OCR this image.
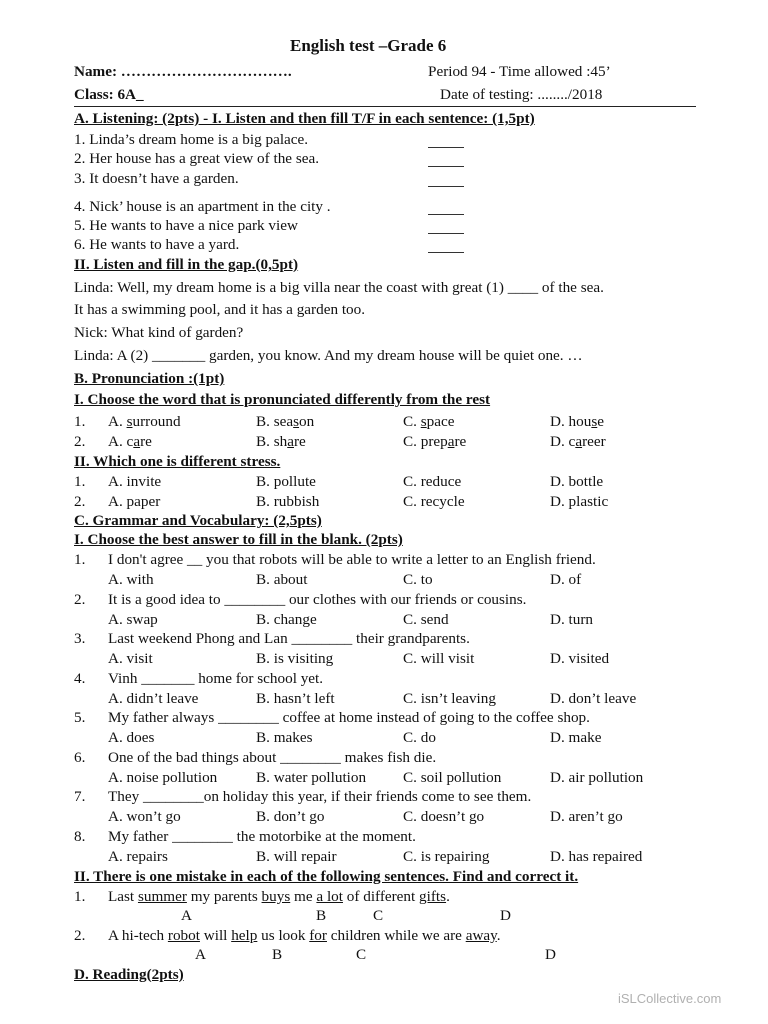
English test –Grade 6
Name: …………………………….	Period 94 - Time allowed :45’
Class: 6A_	Date of testing: ......../2018
A. Listening: (2pts) - I. Listen and then fill T/F in each sentence: (1,5pt)
1. Linda’s dream home is a big palace.
2. Her house has a great view of the sea.
3. It doesn’t have a garden.
4. Nick’ house is an apartment in the city .
5. He wants to have a nice park view
6. He wants to have a yard.
II. Listen and fill in the gap.(0,5pt)
Linda: Well, my dream home is a big villa near the coast with great (1) ____ of the sea.
It has a swimming pool, and it has a garden too.
Nick: What kind of garden?
Linda: A (2) _______ garden, you know. And my dream house will be quiet one. …
B. Pronunciation :(1pt)
I. Choose the word that is pronunciated differently from the rest
1. A. surround	B. season	C. space	D. house
2. A. care	B. share	C. prepare	D. career
II. Which one is different stress.
1. A. invite	B. pollute	C. reduce	D. bottle
2. A. paper	B. rubbish	C. recycle	D. plastic
C. Grammar and Vocabulary: (2,5pts)
I. Choose the best answer to fill in the blank. (2pts)
1. I don't agree __ you that robots will be able to write a letter to an English friend.
A. with	B. about	C. to	D. of
2. It is a good idea to ________ our clothes with our friends or cousins.
A. swap	B. change	C. send	D. turn
3. Last weekend Phong and Lan ________ their grandparents.
A. visit	B. is visiting	C. will visit	D. visited
4. Vinh _______ home for school yet.
A. didn’t leave	B. hasn’t left	C. isn’t leaving	D. don’t leave
5. My father always ________ coffee at home instead of going to the coffee shop.
A. does	B. makes	C. do	D. make
6. One of the bad things about ________ makes fish die.
A. noise pollution	B. water pollution C. soil pollution	D. air pollution
7. They ________on holiday this year, if their friends come to see them.
A. won’t go	B. don’t go	C. doesn’t go	D. aren’t go
8. My father ________ the motorbike at the moment.
A. repairs	B. will repair	C. is repairing	D. has repaired
II. There is one mistake in each of the following sentences. Find and correct it.
1. Last summer my parents buys me a lot of different gifts.
A	B	C	D
2. A hi-tech robot will help us look for children while we are away.
A	B	C	D
D. Reading(2pts)
iSLCollective.com
